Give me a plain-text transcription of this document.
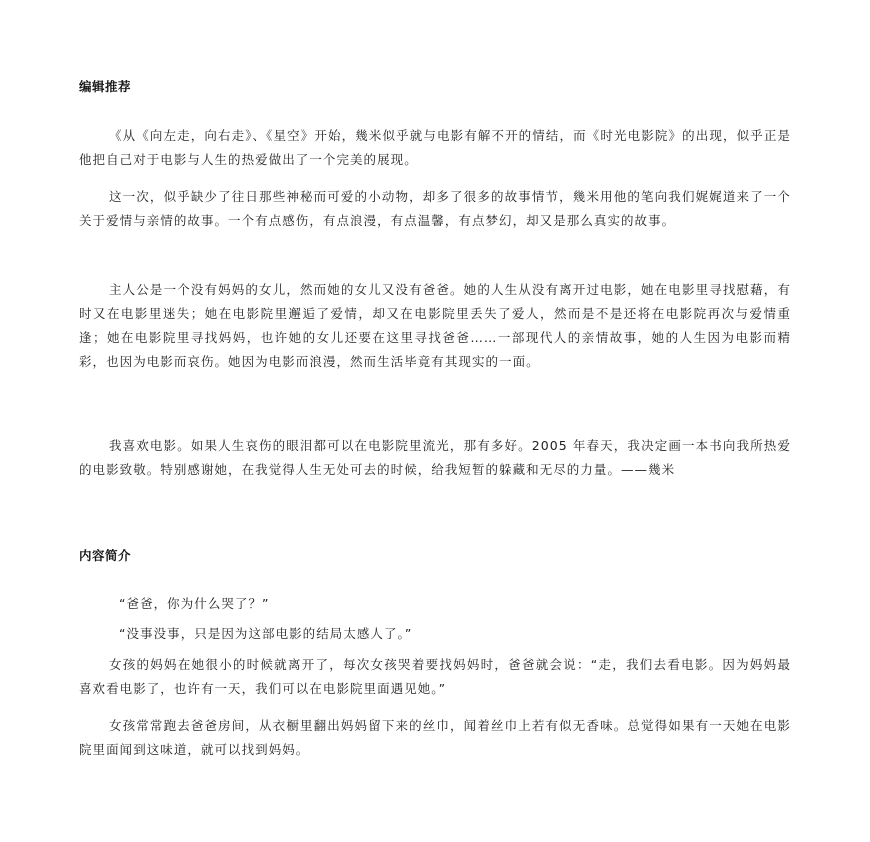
编辑推荐

《从《向左走，向右走》、《星空》开始，幾米似乎就与电影有解不开的情结，而《时光电影院》的出现，似乎正是他把自己对于电影与人生的热爱做出了一个完美的展现。

这一次，似乎缺少了往日那些神秘而可爱的小动物，却多了很多的故事情节，幾米用他的笔向我们娓娓道来了一个关于爱情与亲情的故事。一个有点感伤，有点浪漫，有点温馨，有点梦幻，却又是那么真实的故事。

主人公是一个没有妈妈的女儿，然而她的女儿又没有爸爸。她的人生从没有离开过电影，她在电影里寻找慰藉，有时又在电影里迷失；她在电影院里邂逅了爱情，却又在电影院里丢失了爱人，然而是不是还将在电影院再次与爱情重逢；她在电影院里寻找妈妈，也许她的女儿还要在这里寻找爸爸……一部现代人的亲情故事，她的人生因为电影而精彩，也因为电影而哀伤。她因为电影而浪漫，然而生活毕竟有其现实的一面。

我喜欢电影。如果人生哀伤的眼泪都可以在电影院里流光，那有多好。2005 年春天，我决定画一本书向我所热爱的电影致敬。特别感谢她，在我觉得人生无处可去的时候，给我短暂的躲藏和无尽的力量。——幾米

内容简介

“爸爸，你为什么哭了？”

“没事没事，只是因为这部电影的结局太感人了。”

女孩的妈妈在她很小的时候就离开了，每次女孩哭着要找妈妈时，爸爸就会说：“走，我们去看电影。因为妈妈最喜欢看电影了，也许有一天，我们可以在电影院里面遇见她。”

女孩常常跑去爸爸房间，从衣橱里翻出妈妈留下来的丝巾，闻着丝巾上若有似无香味。总觉得如果有一天她在电影院里面闻到这味道，就可以找到妈妈。
